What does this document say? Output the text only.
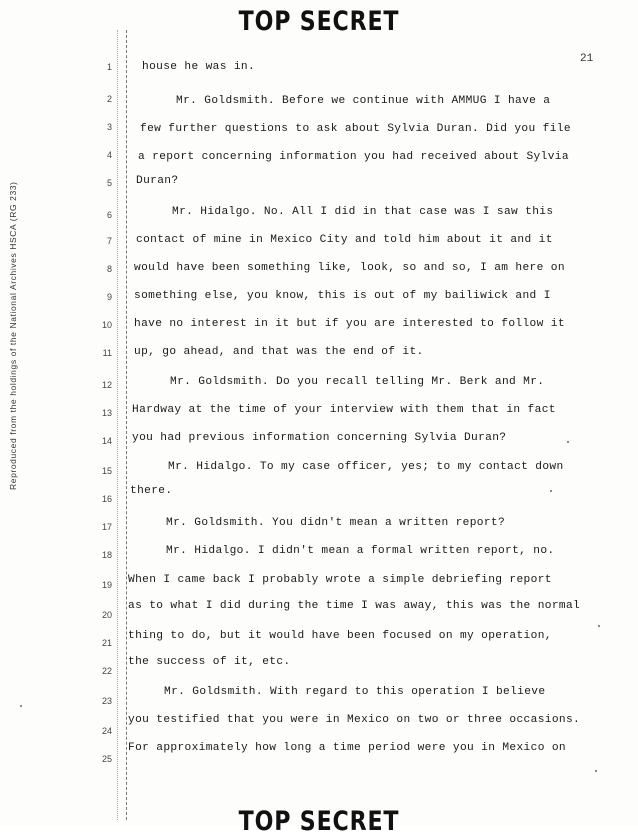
TOP SECRET
Reproduced from the holdings of the National Archives HSCA (RG 233)
21
1
2
3
4
5
6
7
8
9
10
11
12
13
14
15
16
17
18
19
20
21
22
23
24
25
house he was in.
Mr. Goldsmith. Before we continue with AMMUG I have a
few further questions to ask about Sylvia Duran. Did you file
a report concerning information you had received about Sylvia
Duran?
Mr. Hidalgo. No. All I did in that case was I saw this
contact of mine in Mexico City and told him about it and it
would have been something like, look, so and so, I am here on
something else, you know, this is out of my bailiwick and I
have no interest in it but if you are interested to follow it
up, go ahead, and that was the end of it.
Mr. Goldsmith. Do you recall telling Mr. Berk and Mr.
Hardway at the time of your interview with them that in fact
you had previous information concerning Sylvia Duran?
Mr. Hidalgo. To my case officer, yes; to my contact down
there.
Mr. Goldsmith. You didn't mean a written report?
Mr. Hidalgo. I didn't mean a formal written report, no.
When I came back I probably wrote a simple debriefing report
as to what I did during the time I was away, this was the normal
thing to do, but it would have been focused on my operation,
the success of it, etc.
Mr. Goldsmith. With regard to this operation I believe
you testified that you were in Mexico on two or three occasions.
For approximately how long a time period were you in Mexico on
TOP SECRET
